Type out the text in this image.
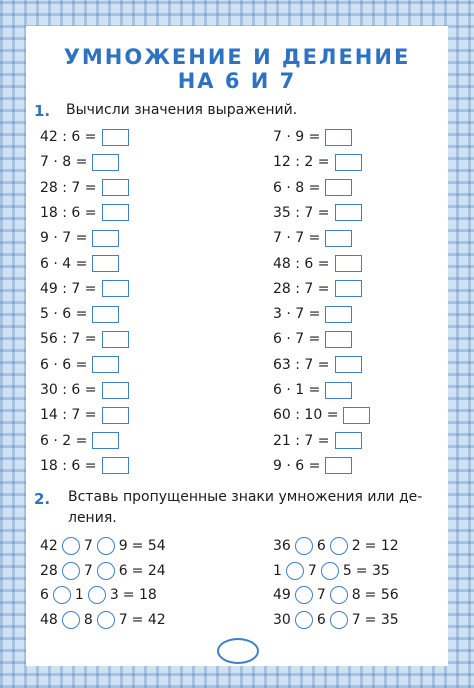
УМНОЖЕНИЕ И ДЕЛЕНИЕ
НА 6 И 7
1. Вычисли значения выражений.
42 : 6 =
7 · 8 =
28 : 7 =
18 : 6 =
9 · 7 =
6 · 4 =
49 : 7 =
5 · 6 =
56 : 7 =
6 · 6 =
30 : 6 =
14 : 7 =
6 · 2 =
18 : 6 =
7 · 9 =
12 : 2 =
6 · 8 =
35 : 7 =
7 · 7 =
48 : 6 =
28 : 7 =
3 · 7 =
6 · 7 =
63 : 7 =
6 · 1 =
60 : 10 =
21 : 7 =
9 · 6 =
2. Вставь пропущенные знаки умножения или де-
ления.
42 7 9 = 54
28 7 6 = 24
6 1 3 = 18
48 8 7 = 42
36 6 2 = 12
1 7 5 = 35
49 7 8 = 56
30 6 7 = 35
